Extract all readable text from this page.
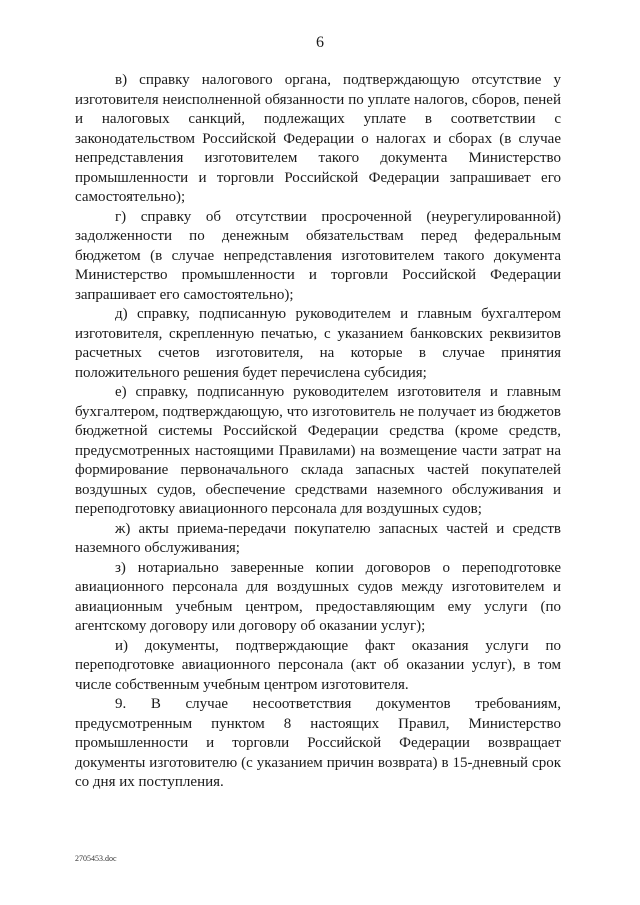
6

в) справку налогового органа, подтверждающую отсутствие у изготовителя неисполненной обязанности по уплате налогов, сборов, пеней и налоговых санкций, подлежащих уплате в соответствии с законодательством Российской Федерации о налогах и сборах (в случае непредставления изготовителем такого документа Министерство промышленности и торговли Российской Федерации запрашивает его самостоятельно);

г) справку об отсутствии просроченной (неурегулированной) задолженности по денежным обязательствам перед федеральным бюджетом (в случае непредставления изготовителем такого документа Министерство промышленности и торговли Российской Федерации запрашивает его самостоятельно);

д) справку, подписанную руководителем и главным бухгалтером изготовителя, скрепленную печатью, с указанием банковских реквизитов расчетных счетов изготовителя, на которые в случае принятия положительного решения будет перечислена субсидия;

е) справку, подписанную руководителем изготовителя и главным бухгалтером, подтверждающую, что изготовитель не получает из бюджетов бюджетной системы Российской Федерации средства (кроме средств, предусмотренных настоящими Правилами) на возмещение части затрат на формирование первоначального склада запасных частей покупателей воздушных судов, обеспечение средствами наземного обслуживания и переподготовку авиационного персонала для воздушных судов;

ж) акты приема-передачи покупателю запасных частей и средств наземного обслуживания;

з) нотариально заверенные копии договоров о переподготовке авиационного персонала для воздушных судов между изготовителем и авиационным учебным центром, предоставляющим ему услуги (по агентскому договору или договору об оказании услуг);

и) документы, подтверждающие факт оказания услуги по переподготовке авиационного персонала (акт об оказании услуг), в том числе собственным учебным центром изготовителя.

9. В случае несоответствия документов требованиям, предусмотренным пунктом 8 настоящих Правил, Министерство промышленности и торговли Российской Федерации возвращает документы изготовителю (с указанием причин возврата) в 15-дневный срок со дня их поступления.

2705453.doc
